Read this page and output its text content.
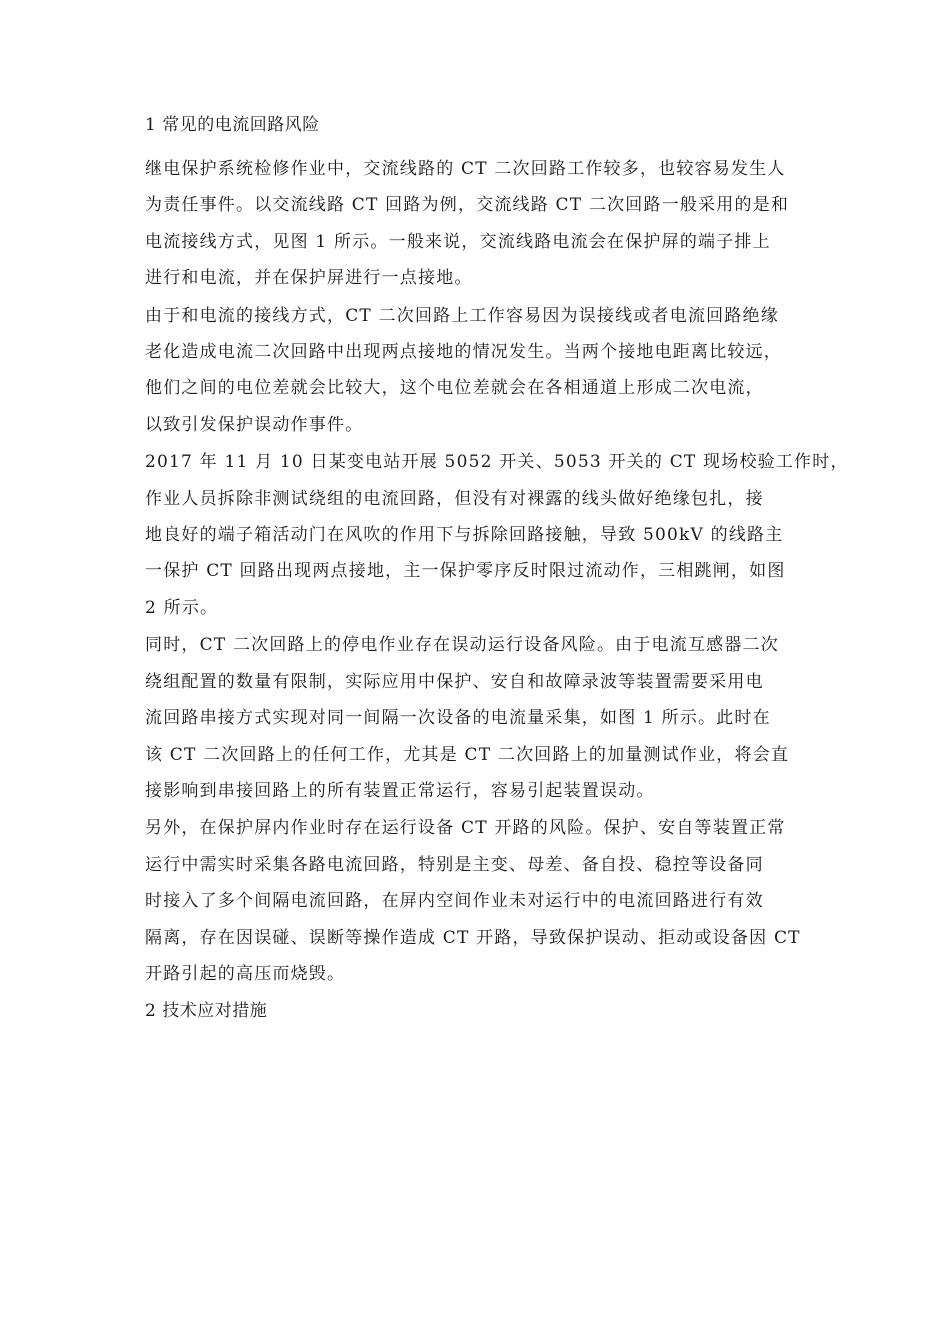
1 常见的电流回路风险
继电保护系统检修作业中，交流线路的 CT 二次回路工作较多，也较容易发生人
为责任事件。以交流线路 CT 回路为例，交流线路 CT 二次回路一般采用的是和
电流接线方式，见图 1 所示。一般来说，交流线路电流会在保护屏的端子排上
进行和电流，并在保护屏进行一点接地。
由于和电流的接线方式，CT 二次回路上工作容易因为误接线或者电流回路绝缘
老化造成电流二次回路中出现两点接地的情况发生。当两个接地电距离比较远，
他们之间的电位差就会比较大，这个电位差就会在各相通道上形成二次电流，
以致引发保护误动作事件。
2017 年 11 月 10 日某变电站开展 5052 开关、5053 开关的 CT 现场校验工作时，
作业人员拆除非测试绕组的电流回路，但没有对裸露的线头做好绝缘包扎，接
地良好的端子箱活动门在风吹的作用下与拆除回路接触，导致 500kV 的线路主
一保护 CT 回路出现两点接地，主一保护零序反时限过流动作，三相跳闸，如图
2 所示。
同时，CT 二次回路上的停电作业存在误动运行设备风险。由于电流互感器二次
绕组配置的数量有限制，实际应用中保护、安自和故障录波等装置需要采用电
流回路串接方式实现对同一间隔一次设备的电流量采集，如图 1 所示。此时在
该 CT 二次回路上的任何工作，尤其是 CT 二次回路上的加量测试作业，将会直
接影响到串接回路上的所有装置正常运行，容易引起装置误动。
另外，在保护屏内作业时存在运行设备 CT 开路的风险。保护、安自等装置正常
运行中需实时采集各路电流回路，特别是主变、母差、备自投、稳控等设备同
时接入了多个间隔电流回路，在屏内空间作业未对运行中的电流回路进行有效
隔离，存在因误碰、误断等操作造成 CT 开路，导致保护误动、拒动或设备因 CT
开路引起的高压而烧毁。
2 技术应对措施
